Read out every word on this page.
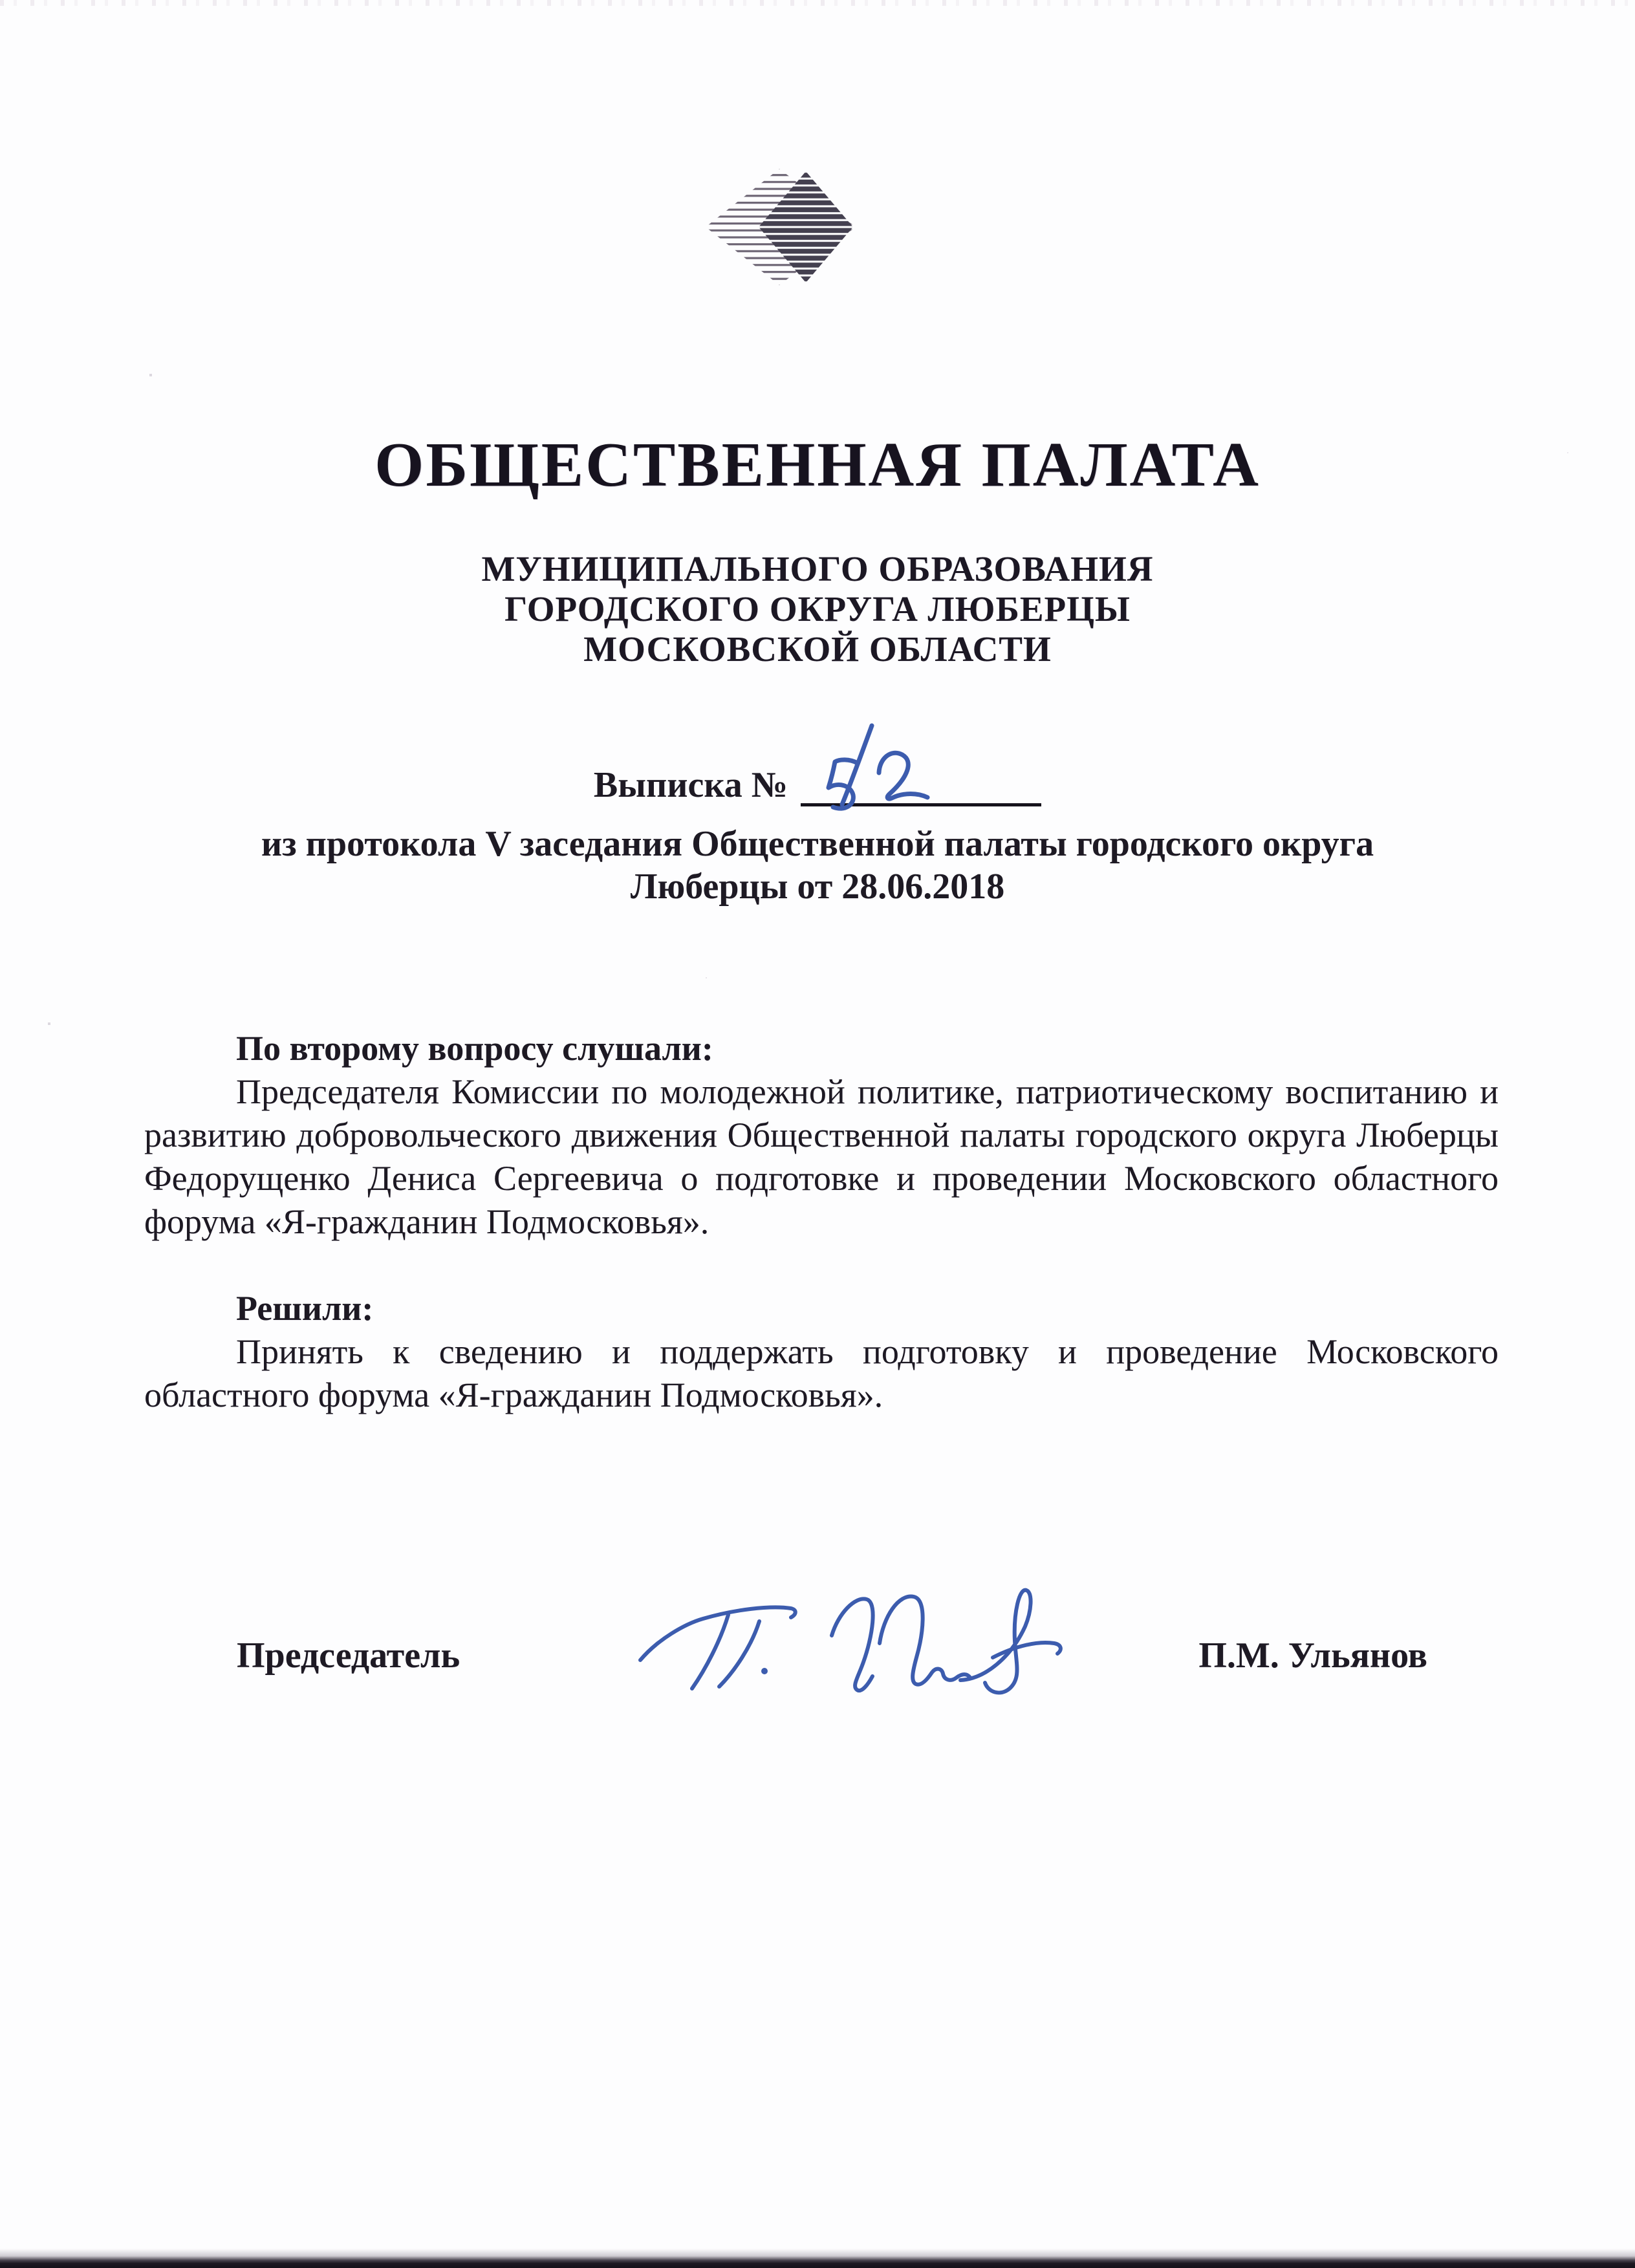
ОБЩЕСТВЕННАЯ ПАЛАТА
МУНИЦИПАЛЬНОГО ОБРАЗОВАНИЯ
ГОРОДСКОГО ОКРУГА ЛЮБЕРЦЫ
МОСКОВСКОЙ ОБЛАСТИ
Выписка №
из протокола V заседания Общественной палаты городского округа
Люберцы от 28.06.2018

По второму вопросу слушали:

Председателя Комиссии по молодежной политике, патриотическому воспитанию и развитию добровольческого движения Общественной палаты городского округа Люберцы Федорущенко Дениса Сергеевича о подготовке и проведении Московского областного форума «Я-гражданин Подмосковья».

Решили:

Принять к сведению и поддержать подготовку и проведение Московского областного форума «Я-гражданин Подмосковья».

Председатель	П.М. Ульянов
